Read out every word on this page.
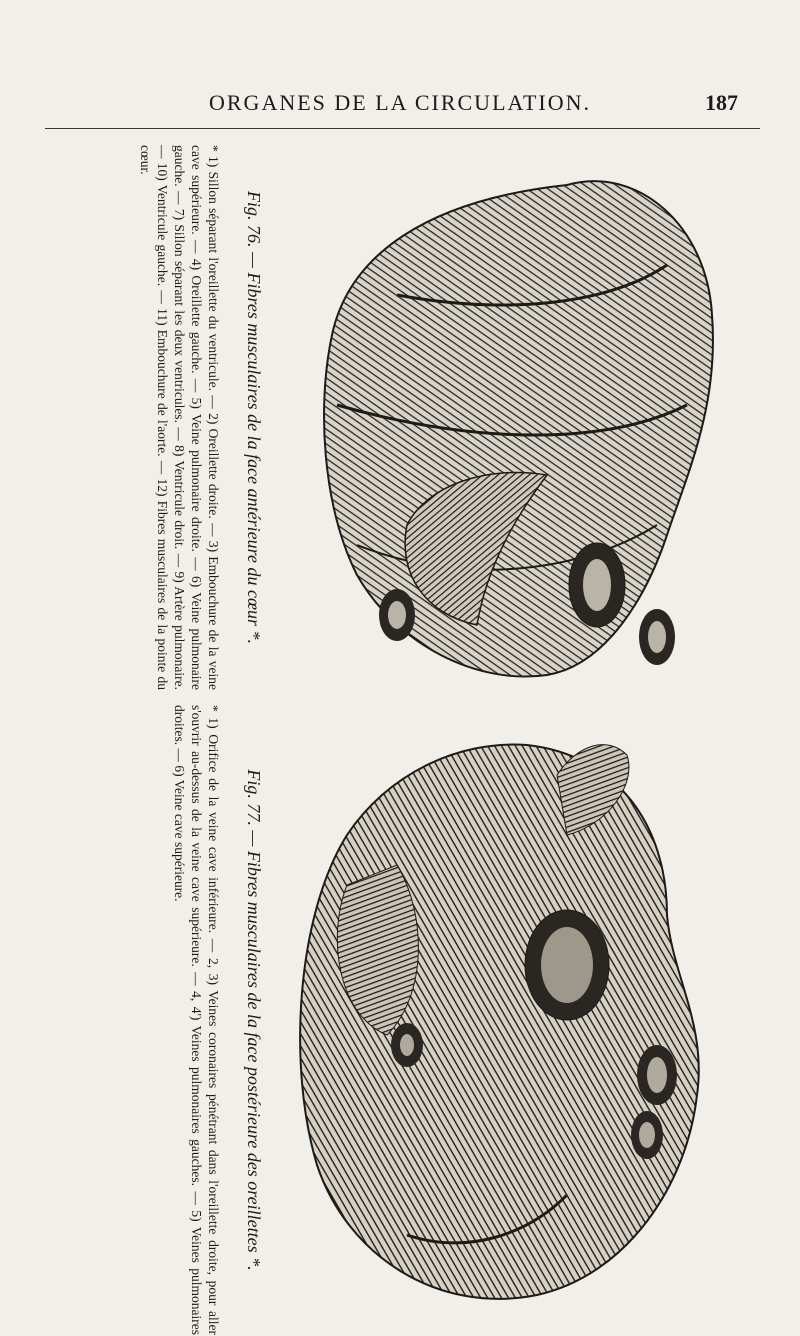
ORGANES DE LA CIRCULATION.	187
Fig. 76. — Fibres musculaires de la face antérieure du cœur *.
* 1) Sillon séparant l'oreillette du ventricule. — 2) Oreillette droite. — 3) Embouchure de la veine cave supérieure. — 4) Oreillette gauche. — 5) Veine pulmonaire droite. — 6) Veine pulmonaire gauche. — 7) Sillon séparant les deux ventricules. — 8) Ventricule droit. — 9) Artère pulmonaire. — 10) Ventricule gauche. — 11) Embouchure de l'aorte. — 12) Fibres musculaires de la pointe du cœur.
Fig. 77. — Fibres musculaires de la face postérieure des oreillettes *.
* 1) Orifice de la veine cave inférieure. — 2, 3) Veines coronaires pénétrant dans l'oreillette droite, pour aller s'ouvrir au-dessus de la veine cave supérieure. — 4, 4') Veines pulmonaires gauches. — 5) Veines pulmonaires droites. — 6) Veine cave supérieure.
